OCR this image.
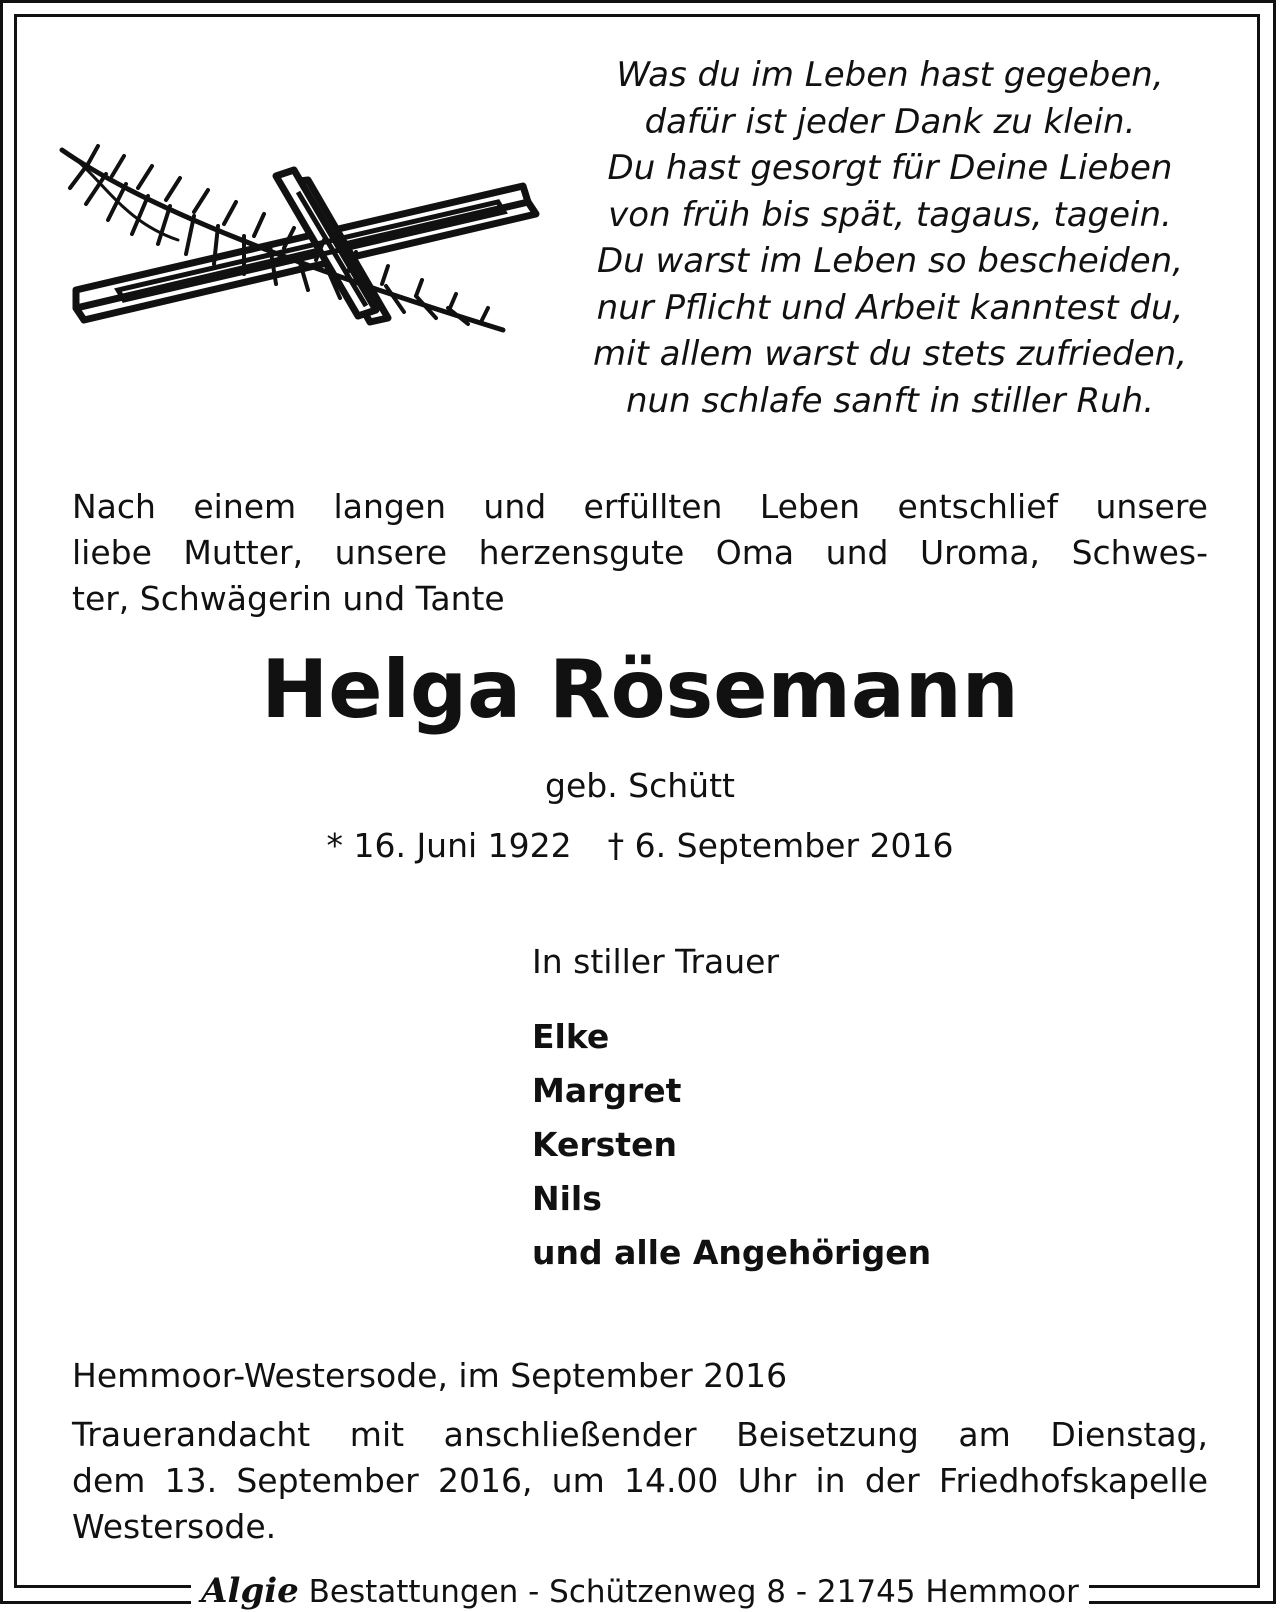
Was du im Leben hast gegeben,
dafür ist jeder Dank zu klein.
Du hast gesorgt für Deine Lieben
von früh bis spät, tagaus, tagein.
Du warst im Leben so bescheiden,
nur Pflicht und Arbeit kanntest du,
mit allem warst du stets zufrieden,
nun schlafe sanft in stiller Ruh.

Nach einem langen und erfüllten Leben entschlief unsere
liebe Mutter, unsere herzensgute Oma und Uroma, Schwes-
ter, Schwägerin und Tante

Helga Rösemann
geb. Schütt
* 16. Juni 1922 † 6. September 2016
In stiller Trauer
Elke
Margret
Kersten
Nils
und alle Angehörigen
Hemmoor-Westersode, im September 2016
Trauerandacht mit anschließender Beisetzung am Dienstag,
dem 13. September 2016, um 14.00 Uhr in der Friedhofskapelle
Westersode.
Algie Bestattungen - Schützenweg 8 - 21745 Hemmoor
